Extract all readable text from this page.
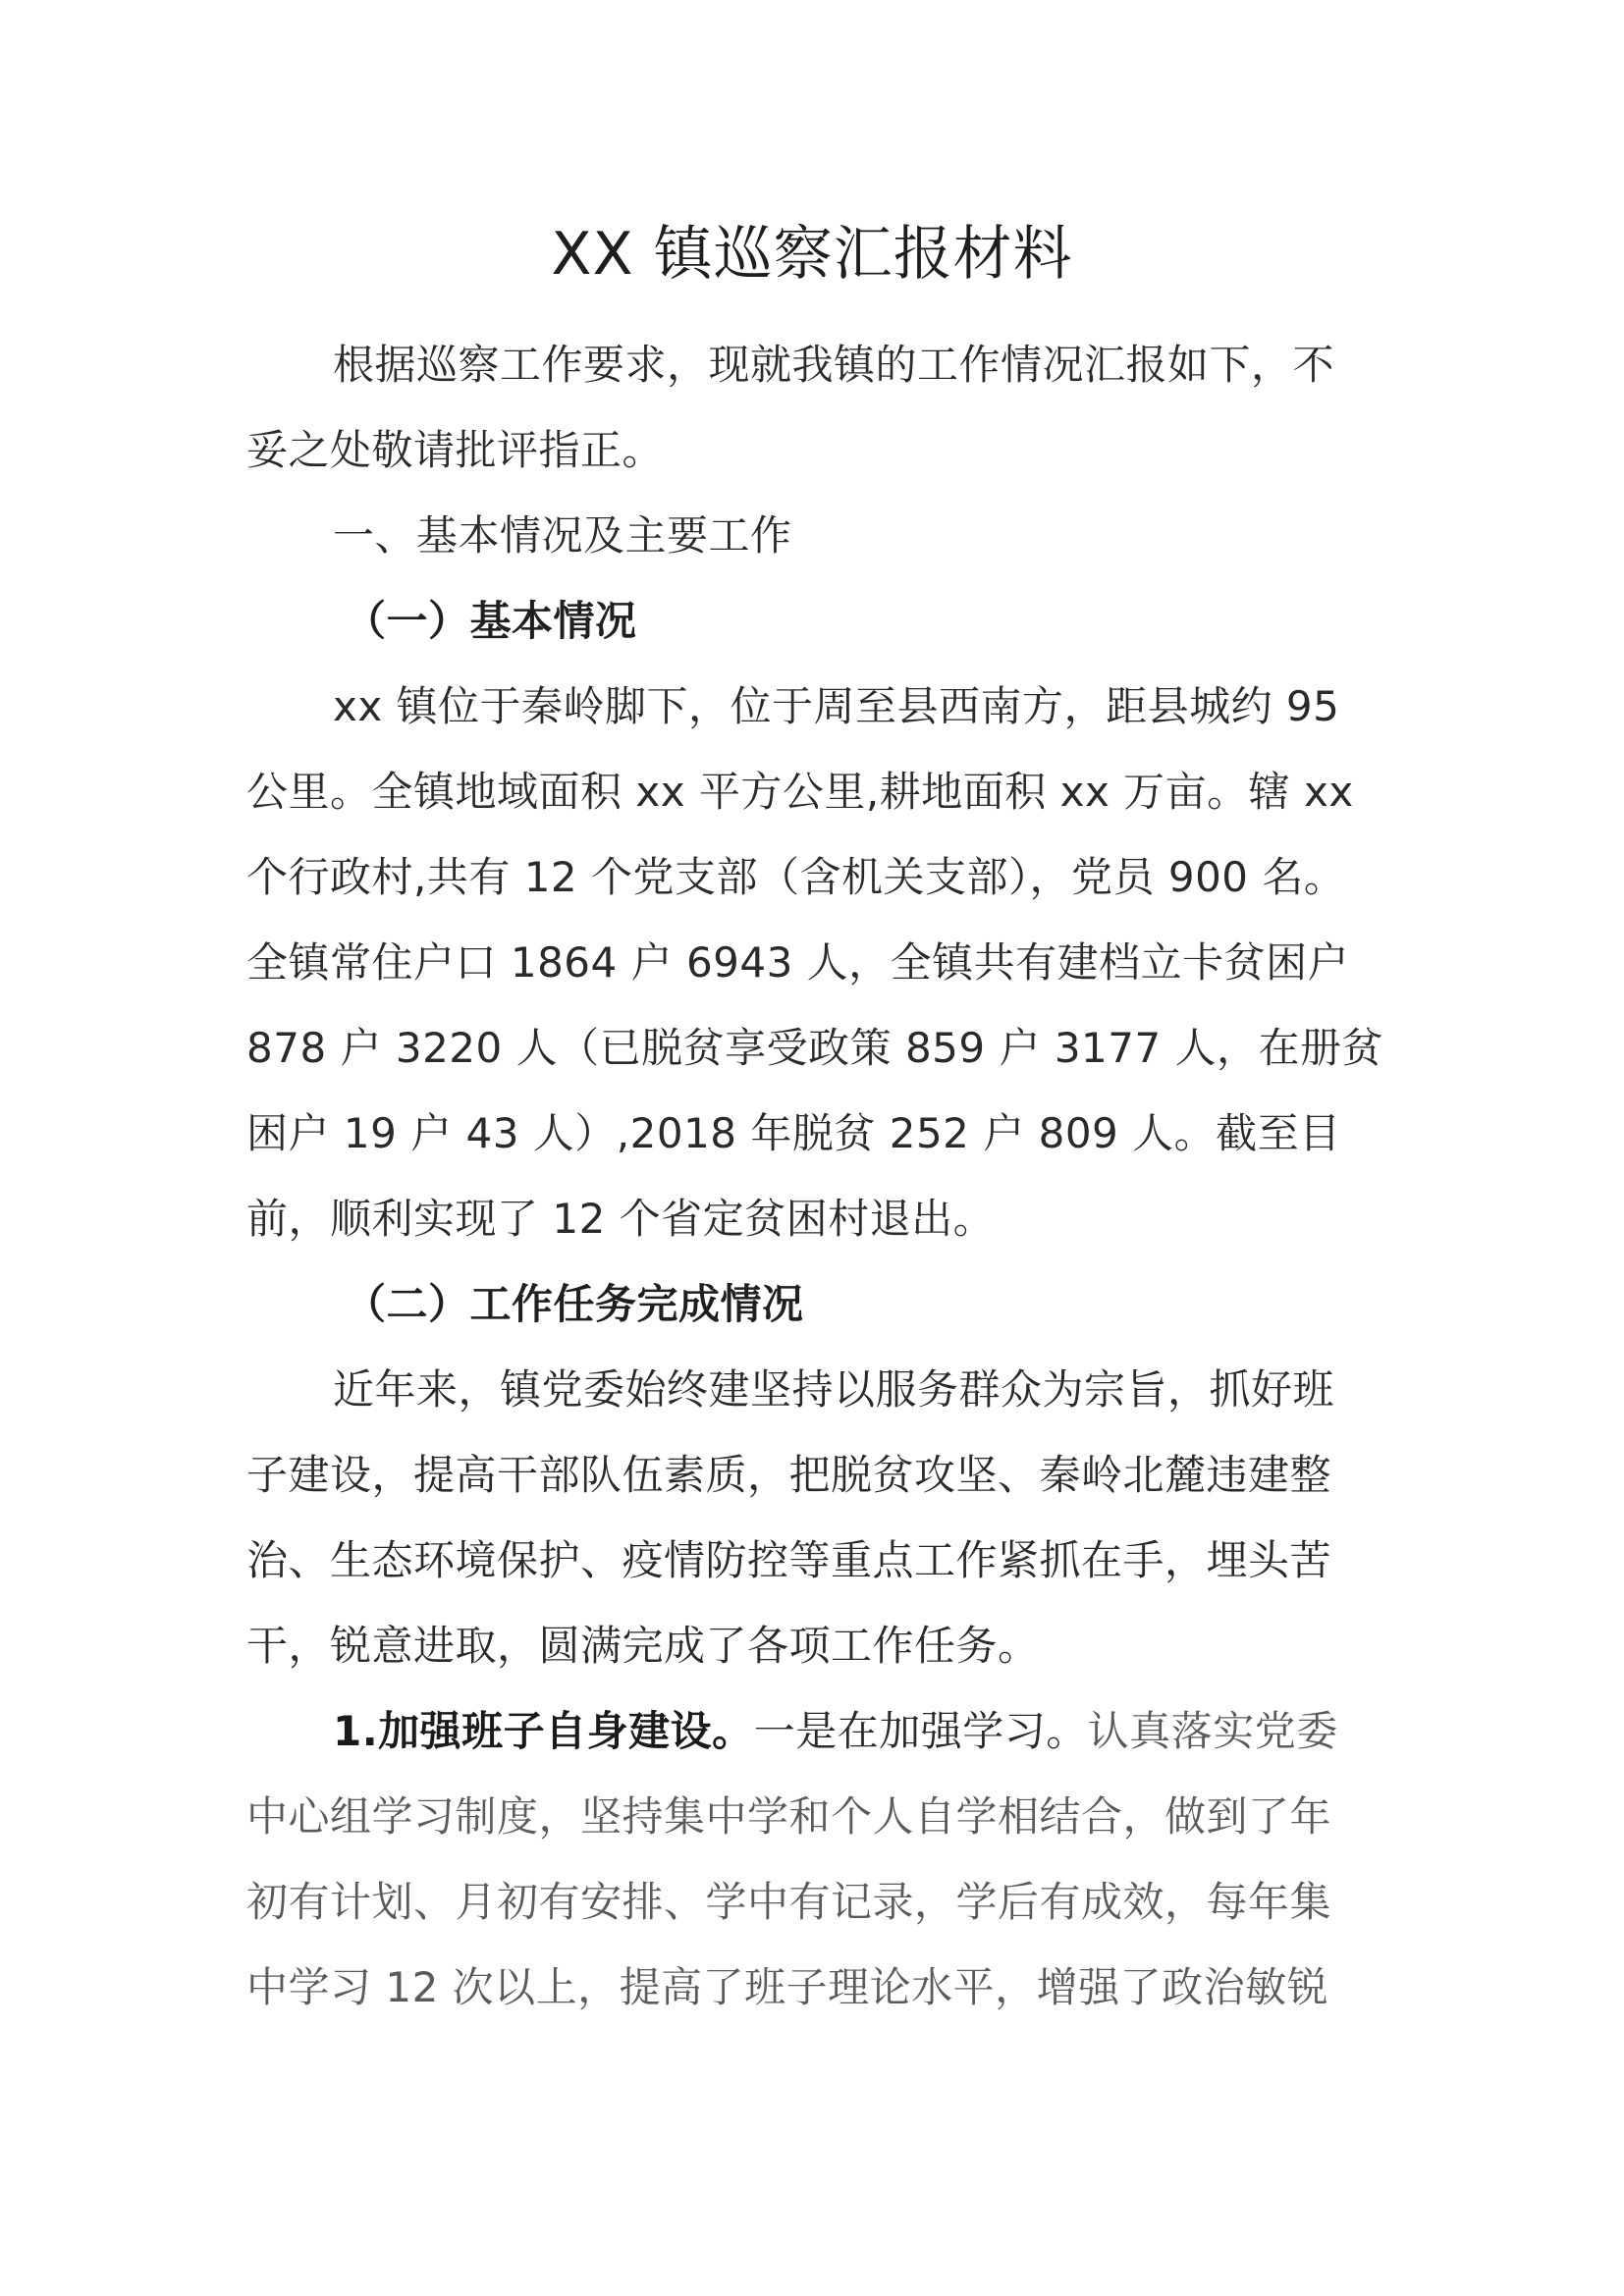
XX 镇巡察汇报材料
根据巡察工作要求，现就我镇的工作情况汇报如下，不
妥之处敬请批评指正。
一、基本情况及主要工作
（一）基本情况
xx 镇位于秦岭脚下，位于周至县西南方，距县城约 95
公里。全镇地域面积 xx 平方公里,耕地面积 xx 万亩。辖 xx
个行政村,共有 12 个党支部（含机关支部），党员 900 名。
全镇常住户口 1864 户 6943 人，全镇共有建档立卡贫困户
878 户 3220 人（已脱贫享受政策 859 户 3177 人，在册贫
困户 19 户 43 人）,2018 年脱贫 252 户 809 人。截至目
前，顺利实现了 12 个省定贫困村退出。
（二）工作任务完成情况
近年来，镇党委始终建坚持以服务群众为宗旨，抓好班
子建设，提高干部队伍素质，把脱贫攻坚、秦岭北麓违建整
治、生态环境保护、疫情防控等重点工作紧抓在手，埋头苦
干，锐意进取，圆满完成了各项工作任务。
1.加强班子自身建设。一是在加强学习。认真落实党委
中心组学习制度，坚持集中学和个人自学相结合，做到了年
初有计划、月初有安排、学中有记录，学后有成效，每年集
中学习 12 次以上，提高了班子理论水平，增强了政治敏锐
